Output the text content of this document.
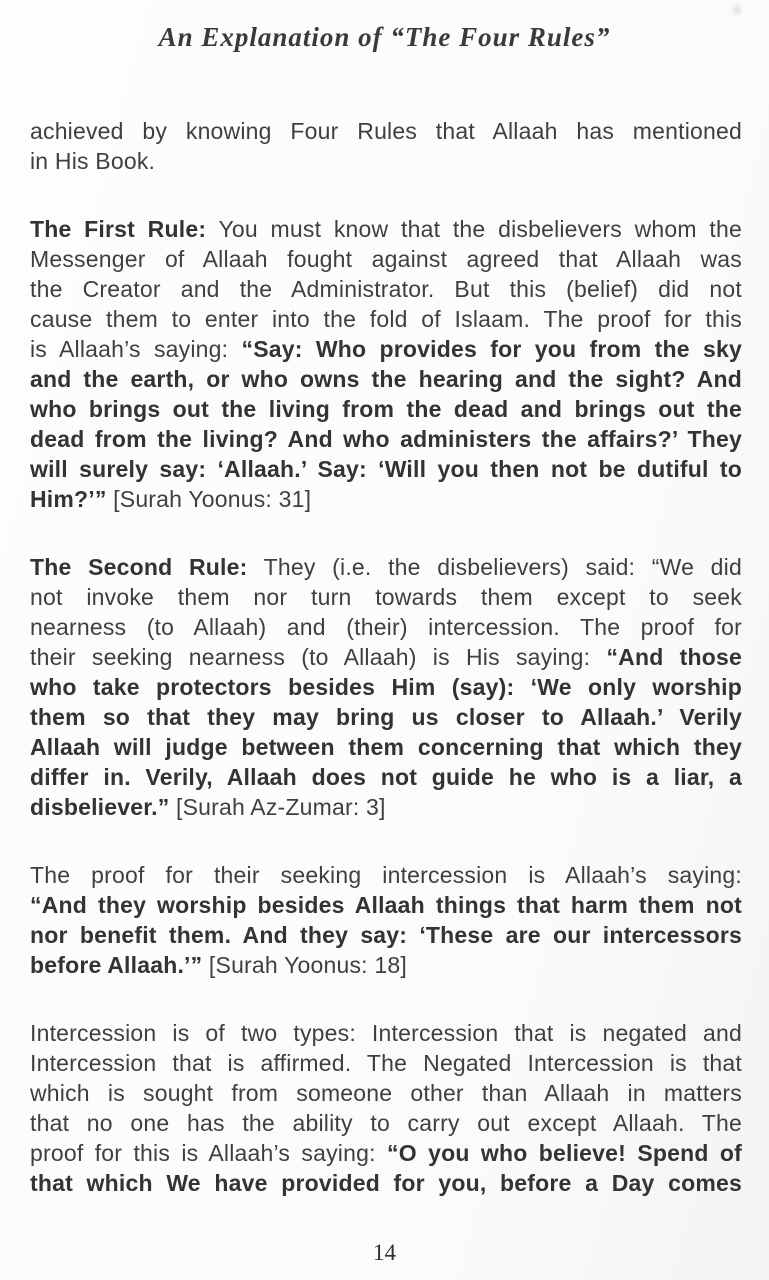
An Explanation of “The Four Rules”
achieved by knowing Four Rules that Allaah has mentioned
in His Book.
The First Rule: You must know that the disbelievers whom the
Messenger of Allaah fought against agreed that Allaah was
the Creator and the Administrator. But this (belief) did not
cause them to enter into the fold of Islaam. The proof for this
is Allaah’s saying: “Say: Who provides for you from the sky
and the earth, or who owns the hearing and the sight? And
who brings out the living from the dead and brings out the
dead from the living? And who administers the affairs?’ They
will surely say: ‘Allaah.’ Say: ‘Will you then not be dutiful to
Him?’” [Surah Yoonus: 31]
The Second Rule: They (i.e. the disbelievers) said: “We did
not invoke them nor turn towards them except to seek
nearness (to Allaah) and (their) intercession. The proof for
their seeking nearness (to Allaah) is His saying: “And those
who take protectors besides Him (say): ‘We only worship
them so that they may bring us closer to Allaah.’ Verily
Allaah will judge between them concerning that which they
differ in. Verily, Allaah does not guide he who is a liar, a
disbeliever.” [Surah Az-Zumar: 3]
The proof for their seeking intercession is Allaah’s saying:
“And they worship besides Allaah things that harm them not
nor benefit them. And they say: ‘These are our intercessors
before Allaah.’” [Surah Yoonus: 18]
Intercession is of two types: Intercession that is negated and
Intercession that is affirmed. The Negated Intercession is that
which is sought from someone other than Allaah in matters
that no one has the ability to carry out except Allaah. The
proof for this is Allaah’s saying: “O you who believe! Spend of
that which We have provided for you, before a Day comes
14
